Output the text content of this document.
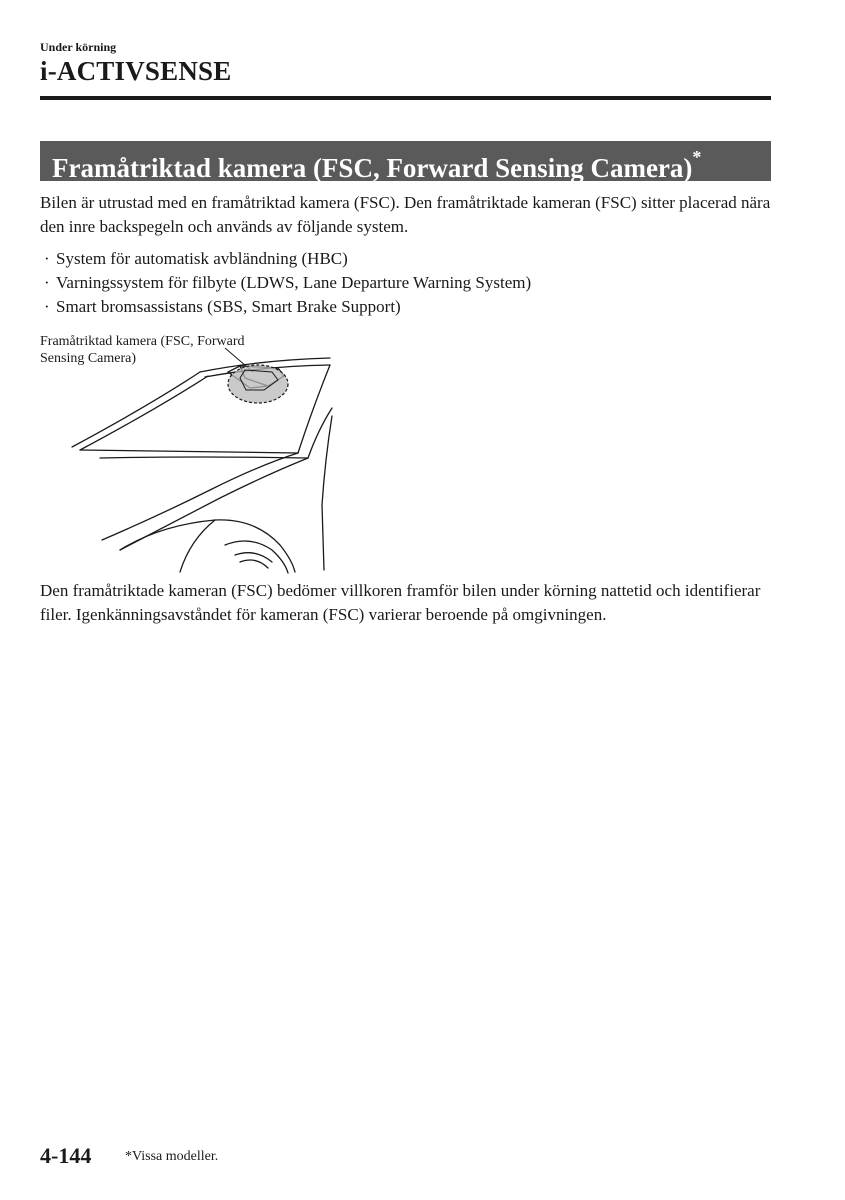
Under körning
i-ACTIVSENSE
Framåtriktad kamera (FSC, Forward Sensing Camera)*

Bilen är utrustad med en framåtriktad kamera (FSC). Den framåtriktade kameran (FSC) sitter placerad nära den inre backspegeln och används av följande system.

· System för automatisk avbländning (HBC)
· Varningssystem för filbyte (LDWS, Lane Departure Warning System)
· Smart bromsassistans (SBS, Smart Brake Support)
Framåtriktad kamera (FSC, Forward
Sensing Camera)

Den framåtriktade kameran (FSC) bedömer villkoren framför bilen under körning nattetid och identifierar filer. Igenkänningsavståndet för kameran (FSC) varierar beroende på omgivningen.

4-144 *Vissa modeller.
